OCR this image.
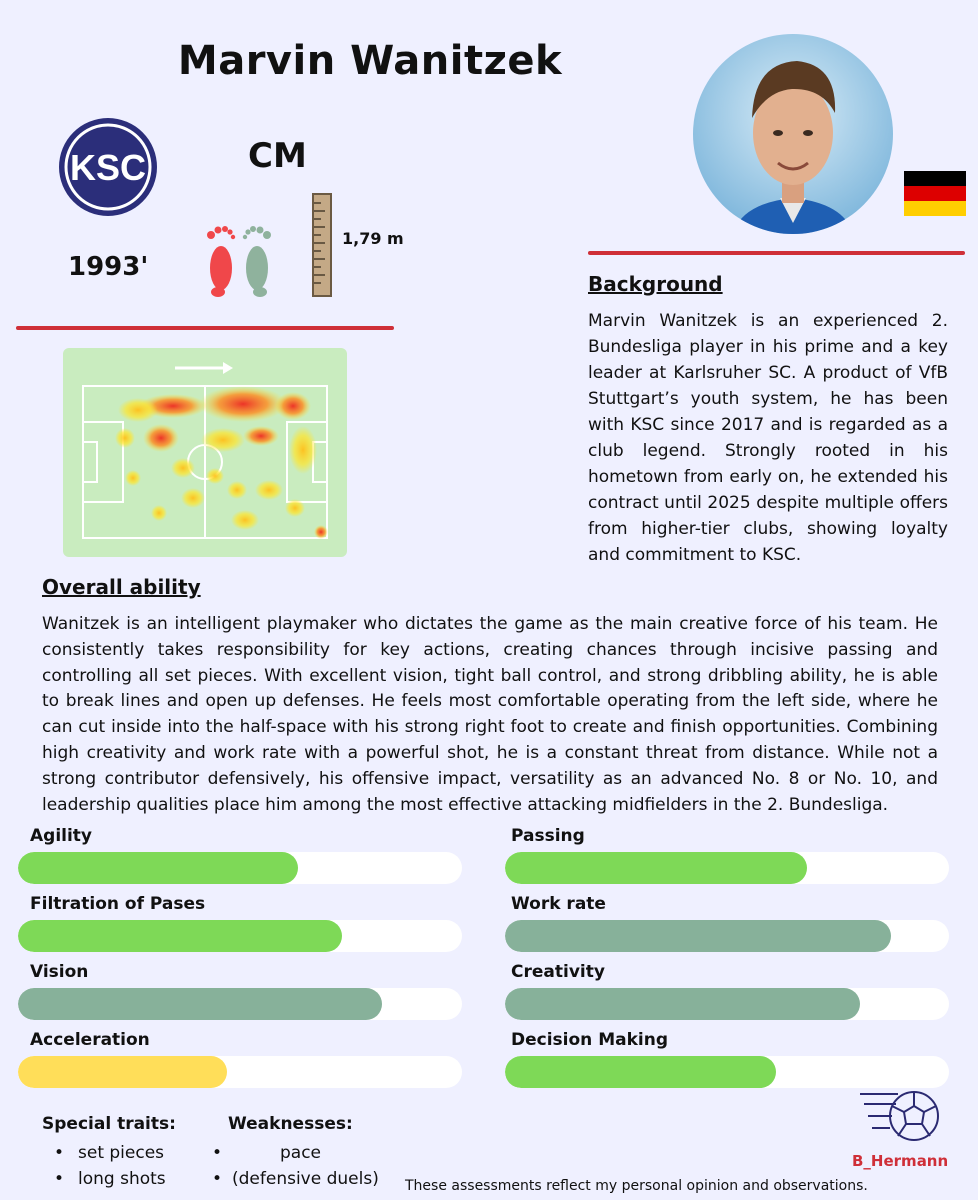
Marvin Wanitzek
KSC	CM
1993'
1,79 m
Background
Marvin Wanitzek is an experienced 2. Bundesliga player in his prime and a key leader at Karlsruher SC. A product of VfB Stuttgart’s youth system, he has been with KSC since 2017 and is regarded as a club legend. Strongly rooted in his hometown from early on, he extended his contract until 2025 despite multiple offers from higher-tier clubs, showing loyalty and commitment to KSC.
Overall ability
Wanitzek is an intelligent playmaker who dictates the game as the main creative force of his team. He consistently takes responsibility for key actions, creating chances through incisive passing and controlling all set pieces. With excellent vision, tight ball control, and strong dribbling ability, he is able to break lines and open up defenses. He feels most comfortable operating from the left side, where he can cut inside into the half-space with his strong right foot to create and finish opportunities. Combining high creativity and work rate with a powerful shot, he is a constant threat from distance. While not a strong contributor defensively, his offensive impact, versatility as an advanced No. 8 or No. 10, and leadership qualities place him among the most effective attacking midfielders in the 2. Bundesliga.
Agility
Filtration of Pases
Vision
Acceleration
Passing
Work rate
Creativity
Decision Making
Special traits:
• set pieces
• long shots
Weaknesses:
• pace
• (defensive duels)
B_Hermann
These assessments reflect my personal opinion and observations.
